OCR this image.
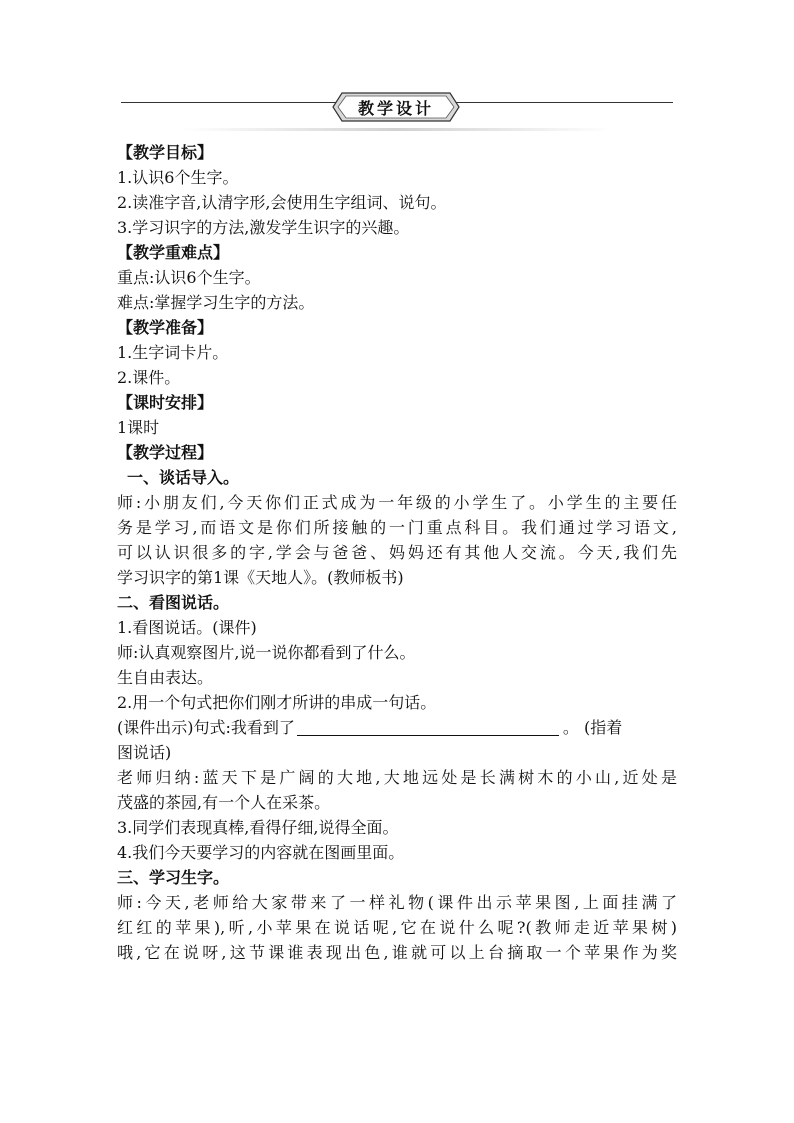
教学设计
【教学目标】
1.认识6个生字。
2.读准字音,认清字形,会使用生字组词、说句。
3.学习识字的方法,激发学生识字的兴趣。
【教学重难点】
重点:认识6个生字。
难点:掌握学习生字的方法。
【教学准备】
1.生字词卡片。
2.课件。
【课时安排】
1课时
【教学过程】
一、谈话导入。
师:小朋友们,今天你们正式成为一年级的小学生了。小学生的主要任
务是学习,而语文是你们所接触的一门重点科目。我们通过学习语文,
可以认识很多的字,学会与爸爸、妈妈还有其他人交流。今天,我们先
学习识字的第1课《天地人》。(教师板书)
二、看图说话。
1.看图说话。(课件)
师:认真观察图片,说一说你都看到了什么。
生自由表达。
2.用一个句式把你们刚才所讲的串成一句话。
(课件出示)句式:我看到了	。 (指着
图说话)
老师归纳:蓝天下是广阔的大地,大地远处是长满树木的小山,近处是
茂盛的茶园,有一个人在采茶。
3.同学们表现真棒,看得仔细,说得全面。
4.我们今天要学习的内容就在图画里面。
三、学习生字。
师:今天,老师给大家带来了一样礼物(课件出示苹果图,上面挂满了
红红的苹果),听,小苹果在说话呢,它在说什么呢?(教师走近苹果树)
哦,它在说呀,这节课谁表现出色,谁就可以上台摘取一个苹果作为奖
